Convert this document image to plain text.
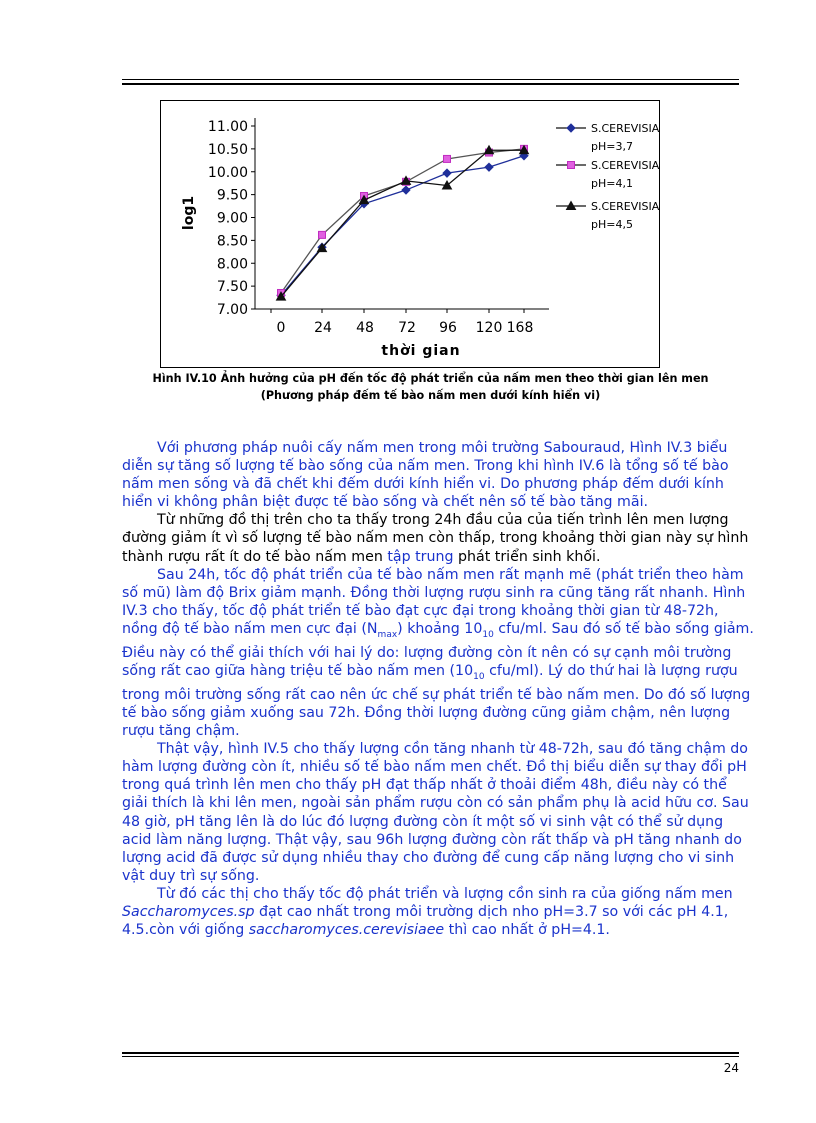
7.00
7.50
8.00
8.50
9.00
9.50
10.00
10.50
11.00
0 24 48 72 96 120 168
thời gian
log1
S.CEREVISIA
pH=3,7
S.CEREVISIA
pH=4,1
S.CEREVISIA
pH=4,5
Hình IV.10 Ảnh hưởng của pH đến tốc độ phát triển của nấm men theo thời gian lên men
(Phương pháp đếm tế bào nấm men dưới kính hiển vi)

Với phương pháp nuôi cấy nấm men trong môi trường Sabouraud, Hình IV.3 biểu diễn sự tăng số lượng tế bào sống của nấm men. Trong khi hình IV.6 là tổng số tế bào nấm men sống và đã chết khi đếm dưới kính hiển vi. Do phương pháp đếm dưới kính hiển vi không phân biệt được tế bào sống và chết nên số tế bào tăng mãi.

Từ những đồ thị trên cho ta thấy trong 24h đầu của của tiến trình lên men lượng đường giảm ít vì số lượng tế bào nấm men còn thấp, trong khoảng thời gian này sự hình thành rượu rất ít do tế bào nấm men tập trung phát triển sinh khối.

Sau 24h, tốc độ phát triển của tế bào nấm men rất mạnh mẽ (phát triển theo hàm số mũ) làm độ Brix giảm mạnh. Đồng thời lượng rượu sinh ra cũng tăng rất nhanh. Hình IV.3 cho thấy, tốc độ phát triển tế bào đạt cực đại trong khoảng thời gian từ 48-72h, nồng độ tế bào nấm men cực đại $(N_{max})$ khoảng $10_{10}$ cfu/ml. Sau đó số tế bào sống giảm. Điều này có thể giải thích với hai lý do: lượng đường còn ít nên có sự cạnh môi trường sống rất cao giữa hàng triệu tế bào nấm men ($10_{10}$ cfu/ml). Lý do thứ hai là lượng rượu trong môi trường sống rất cao nên ức chế sự phát triển tế bào nấm men. Do đó số lượng tế bào sống giảm xuống sau 72h. Đồng thời lượng đường cũng giảm chậm, nên lượng rượu tăng chậm.

Thật vậy, hình IV.5 cho thấy lượng cồn tăng nhanh từ 48-72h, sau đó tăng chậm do hàm lượng đường còn ít, nhiều số tế bào nấm men chết. Đồ thị biểu diễn sự thay đổi pH trong quá trình lên men cho thấy pH đạt thấp nhất ở thoải điểm 48h, điều này có thể giải thích là khi lên men, ngoài sản phẩm rượu còn có sản phẩm phụ là acid hữu cơ. Sau 48 giờ, pH tăng lên là do lúc đó lượng đường còn ít một số vi sinh vật có thể sử dụng acid làm năng lượng. Thật vậy, sau 96h lượng đường còn rất thấp và pH tăng nhanh do lượng acid đã được sử dụng nhiều thay cho đường để cung cấp năng lượng cho vi sinh vật duy trì sự sống.

Từ đó các thị cho thấy tốc độ phát triển và lượng cồn sinh ra của giống nấm men Saccharomyces.sp đạt cao nhất trong môi trường dịch nho pH=3.7 so với các pH 4.1, 4.5.còn với giống saccharomyces.cerevisiaee thì cao nhất ở pH=4.1.

24
